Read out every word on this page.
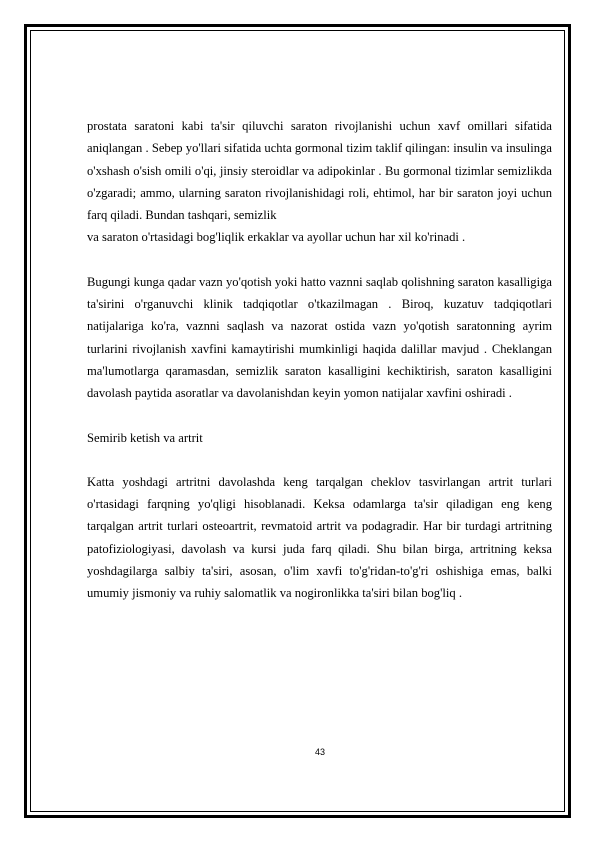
prostata saratoni kabi ta'sir qiluvchi saraton rivojlanishi uchun xavf omillari sifatida aniqlangan . Sebep yo'llari sifatida uchta gormonal tizim taklif qilingan: insulin va insulinga o'xshash o'sish omili o'qi, jinsiy steroidlar va adipokinlar . Bu gormonal tizimlar semizlikda o'zgaradi; ammo, ularning saraton rivojlanishidagi roli, ehtimol, har bir saraton joyi uchun farq qiladi. Bundan tashqari, semizlik

va saraton o'rtasidagi bog'liqlik erkaklar va ayollar uchun har xil ko'rinadi .

Bugungi kunga qadar vazn yo'qotish yoki hatto vaznni saqlab qolishning saraton kasalligiga ta'sirini o'rganuvchi klinik tadqiqotlar o'tkazilmagan . Biroq, kuzatuv tadqiqotlari natijalariga ko'ra, vaznni saqlash va nazorat ostida vazn yo'qotish saratonning ayrim turlarini rivojlanish xavfini kamaytirishi mumkinligi haqida dalillar mavjud . Cheklangan ma'lumotlarga qaramasdan, semizlik saraton kasalligini kechiktirish, saraton kasalligini davolash paytida asoratlar va davolanishdan keyin yomon natijalar xavfini oshiradi .

Semirib ketish va artrit

Katta yoshdagi artritni davolashda keng tarqalgan cheklov tasvirlangan artrit turlari o'rtasidagi farqning yo'qligi hisoblanadi. Keksa odamlarga ta'sir qiladigan eng keng tarqalgan artrit turlari osteoartrit, revmatoid artrit va podagradir. Har bir turdagi artritning patofiziologiyasi, davolash va kursi juda farq qiladi. Shu bilan birga, artritning keksa yoshdagilarga salbiy ta'siri, asosan, o'lim xavfi to'g'ridan-to'g'ri oshishiga emas, balki umumiy jismoniy va ruhiy salomatlik va nogironlikka ta'siri bilan bog'liq .

43
